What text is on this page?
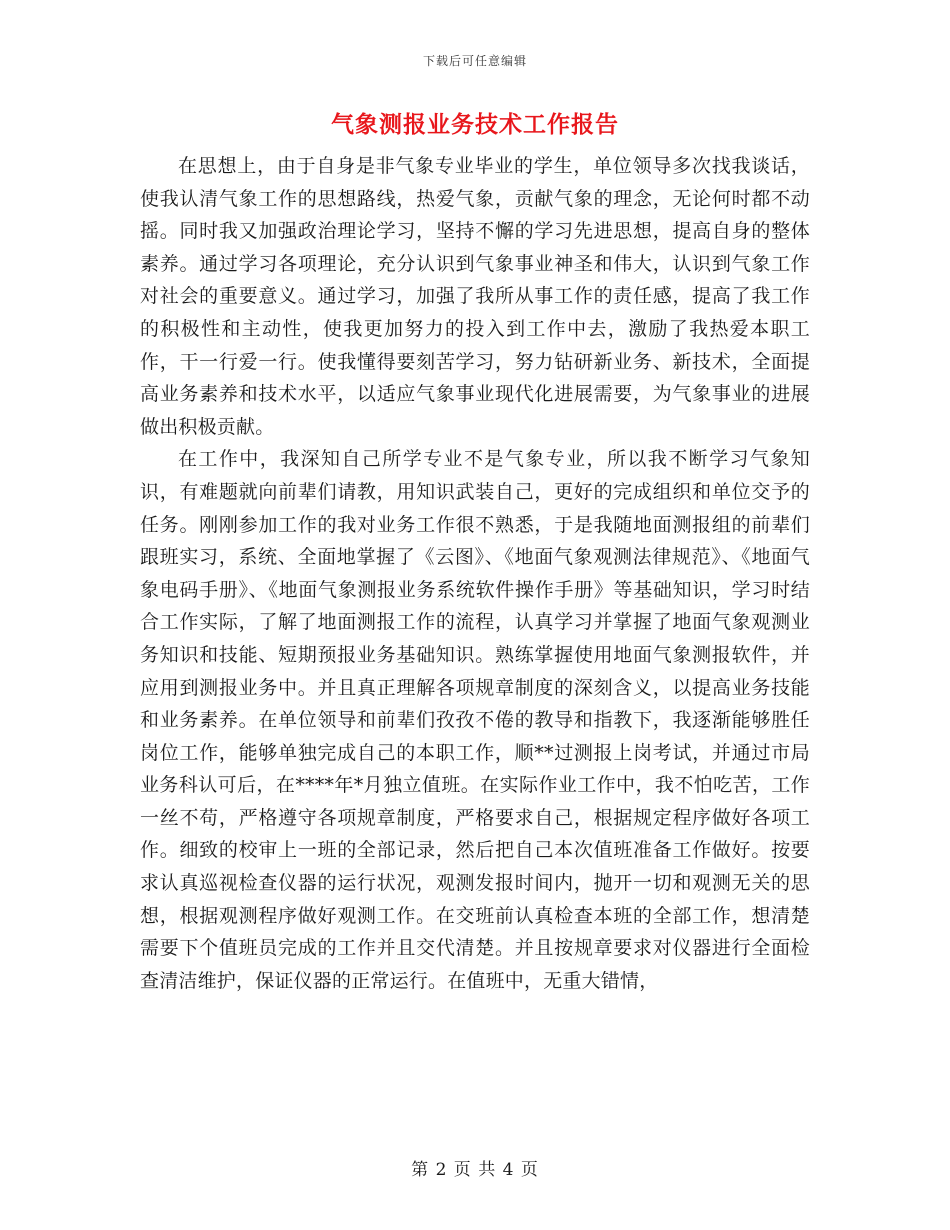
下载后可任意编辑
气象测报业务技术工作报告

在思想上，由于自身是非气象专业毕业的学生，单位领导多次找我谈话，使我认清气象工作的思想路线，热爱气象，贡献气象的理念，无论何时都不动摇。同时我又加强政治理论学习，坚持不懈的学习先进思想，提高自身的整体素养。通过学习各项理论，充分认识到气象事业神圣和伟大，认识到气象工作对社会的重要意义。通过学习，加强了我所从事工作的责任感，提高了我工作的积极性和主动性，使我更加努力的投入到工作中去，激励了我热爱本职工作，干一行爱一行。使我懂得要刻苦学习，努力钻研新业务、新技术，全面提高业务素养和技术水平，以适应气象事业现代化进展需要，为气象事业的进展做出积极贡献。

在工作中，我深知自己所学专业不是气象专业，所以我不断学习气象知识，有难题就向前辈们请教，用知识武装自己，更好的完成组织和单位交予的任务。刚刚参加工作的我对业务工作很不熟悉，于是我随地面测报组的前辈们跟班实习，系统、全面地掌握了《云图》、《地面气象观测法律规范》、《地面气象电码手册》、《地面气象测报业务系统软件操作手册》等基础知识，学习时结合工作实际，了解了地面测报工作的流程，认真学习并掌握了地面气象观测业务知识和技能、短期预报业务基础知识。熟练掌握使用地面气象测报软件，并应用到测报业务中。并且真正理解各项规章制度的深刻含义，以提高业务技能和业务素养。在单位领导和前辈们孜孜不倦的教导和指教下，我逐渐能够胜任岗位工作，能够单独完成自己的本职工作，顺**过测报上岗考试，并通过市局业务科认可后，在****年*月独立值班。在实际作业工作中，我不怕吃苦，工作一丝不苟，严格遵守各项规章制度，严格要求自己，根据规定程序做好各项工作。细致的校审上一班的全部记录，然后把自己本次值班准备工作做好。按要求认真巡视检查仪器的运行状况，观测发报时间内，抛开一切和观测无关的思想，根据观测程序做好观测工作。在交班前认真检查本班的全部工作，想清楚需要下个值班员完成的工作并且交代清楚。并且按规章要求对仪器进行全面检查清洁维护，保证仪器的正常运行。在值班中，无重大错情，

第 2 页 共 4 页
